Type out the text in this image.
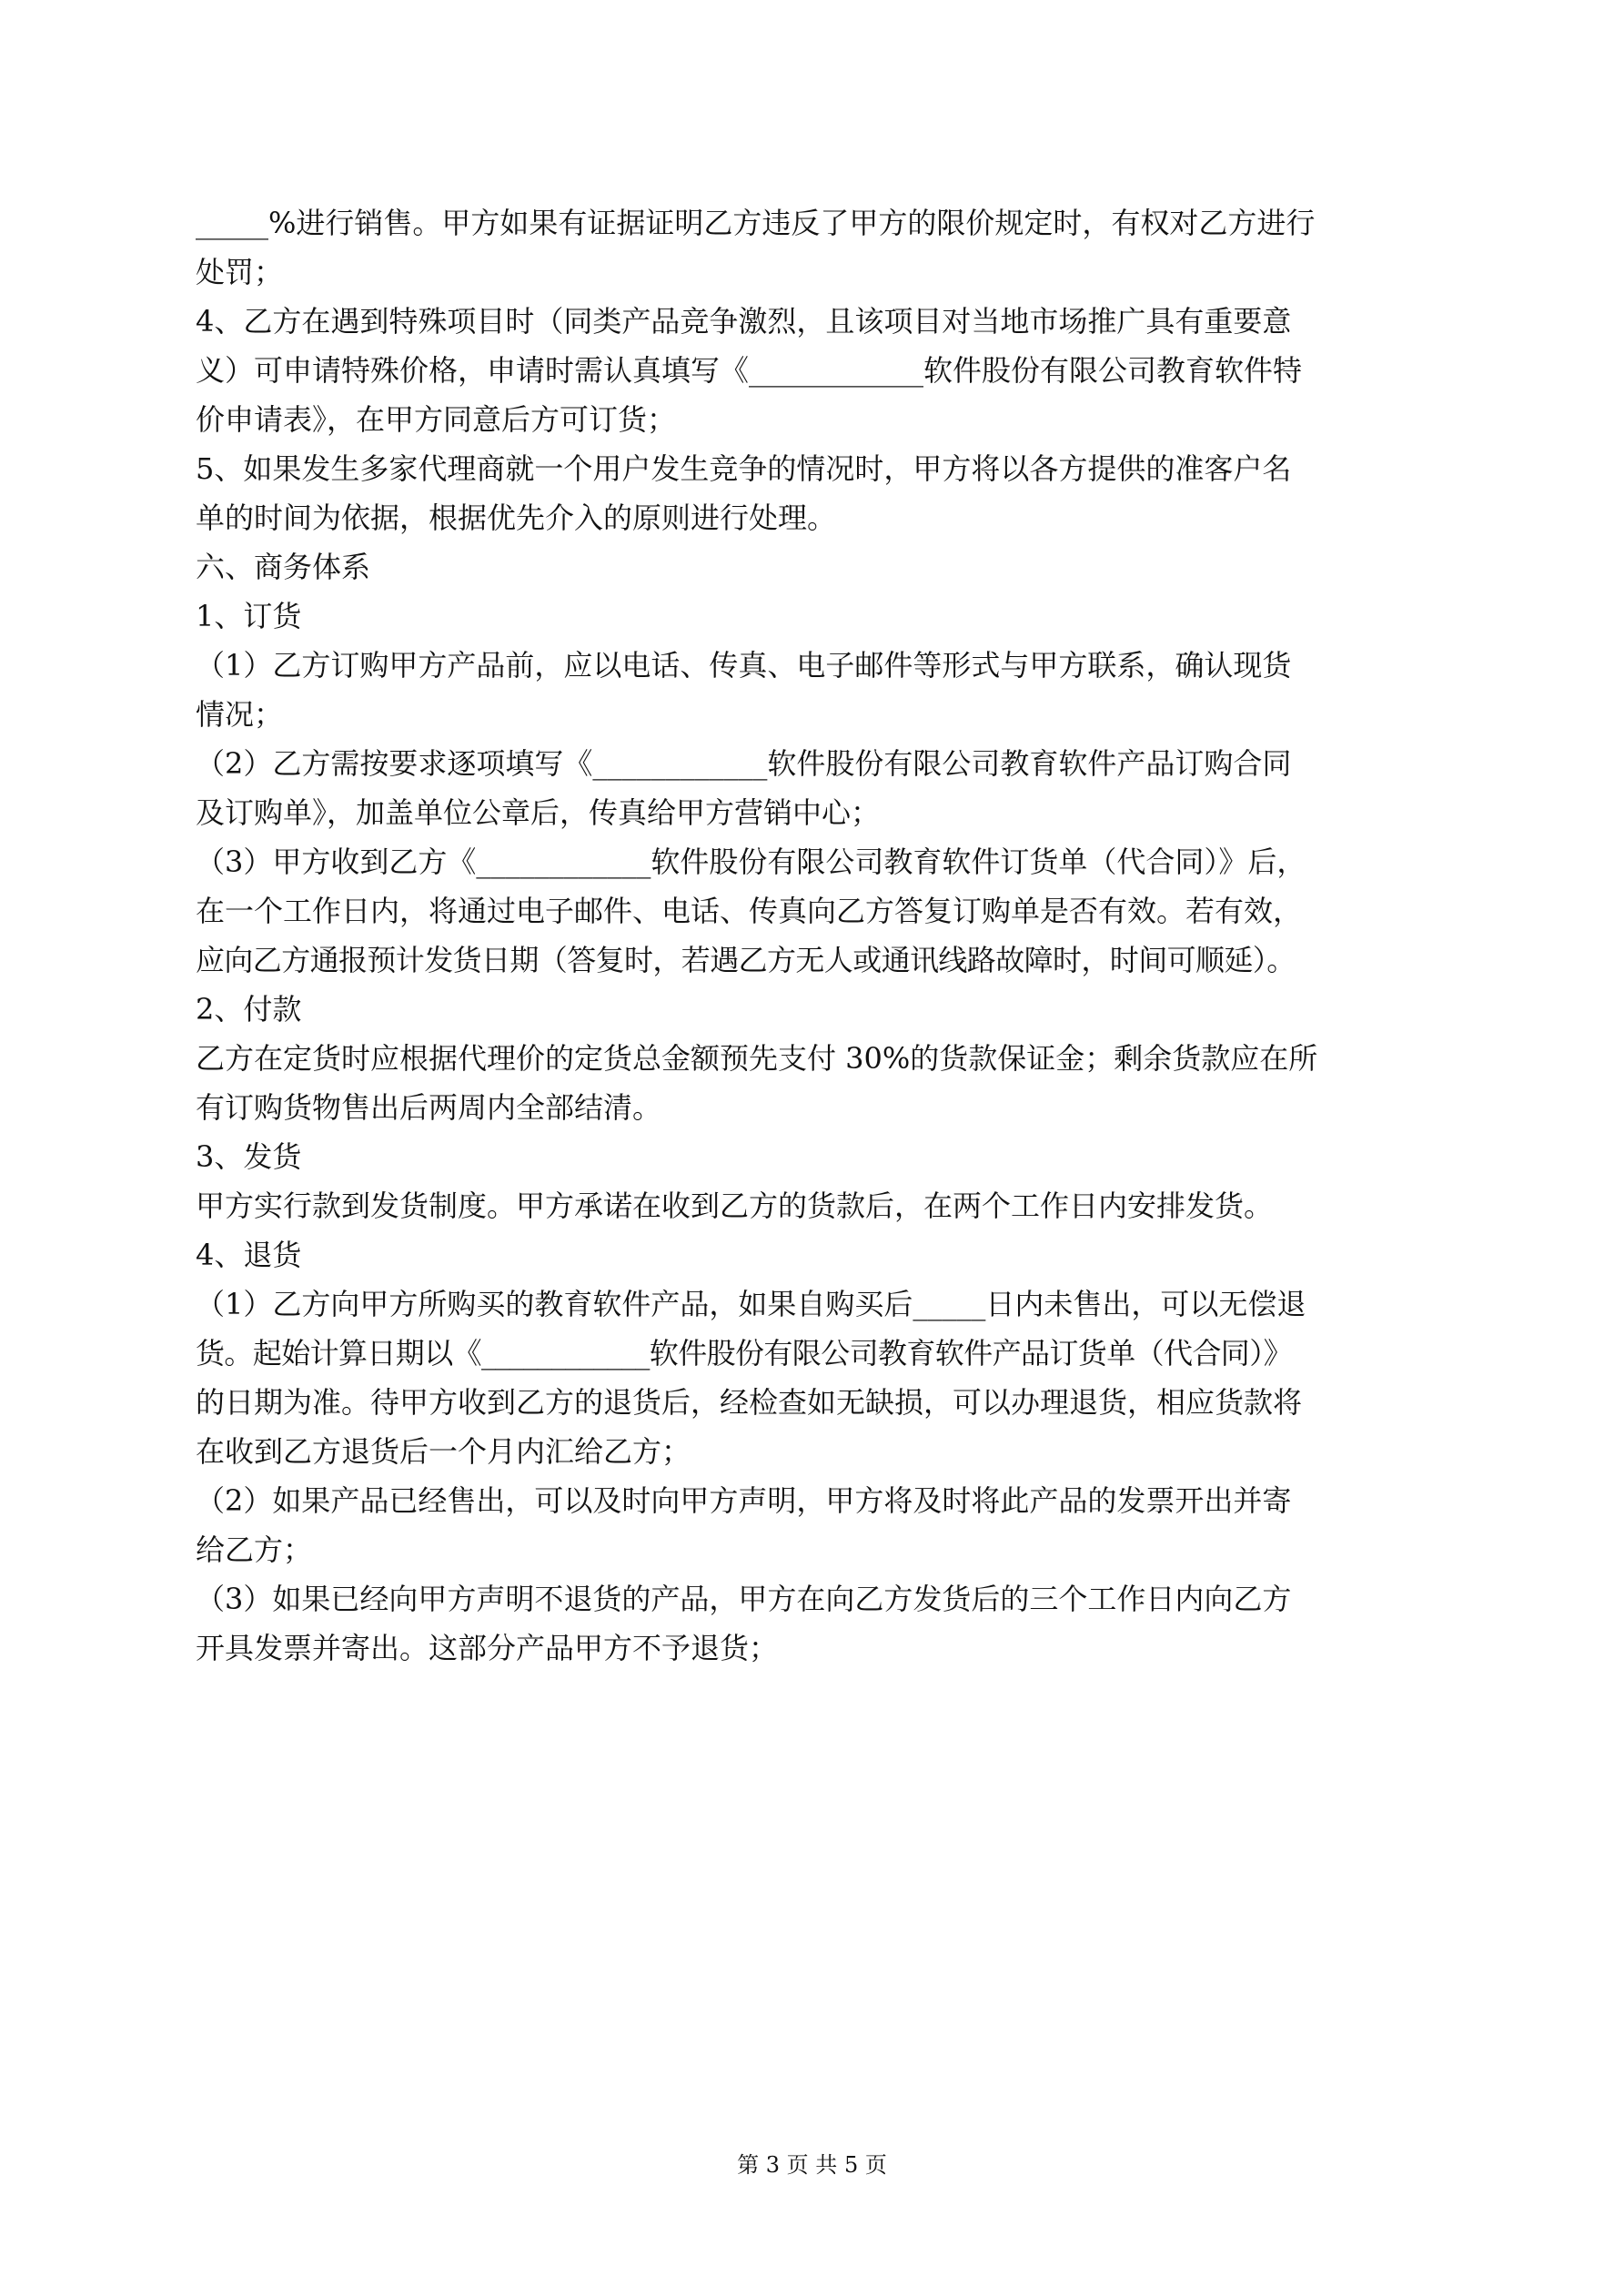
_____%进行销售。甲方如果有证据证明乙方违反了甲方的限价规定时，有权对乙方进行
处罚；
4、乙方在遇到特殊项目时（同类产品竞争激烈，且该项目对当地市场推广具有重要意
义）可申请特殊价格，申请时需认真填写《____________软件股份有限公司教育软件特
价申请表》，在甲方同意后方可订货；
5、如果发生多家代理商就一个用户发生竞争的情况时，甲方将以各方提供的准客户名
单的时间为依据，根据优先介入的原则进行处理。
六、商务体系
1、订货
（1）乙方订购甲方产品前，应以电话、传真、电子邮件等形式与甲方联系，确认现货
情况；
（2）乙方需按要求逐项填写《____________软件股份有限公司教育软件产品订购合同
及订购单》，加盖单位公章后，传真给甲方营销中心；
（3）甲方收到乙方《____________软件股份有限公司教育软件订货单（代合同）》后，
在一个工作日内，将通过电子邮件、电话、传真向乙方答复订购单是否有效。若有效，
应向乙方通报预计发货日期（答复时，若遇乙方无人或通讯线路故障时，时间可顺延）。
2、付款
乙方在定货时应根据代理价的定货总金额预先支付 30%的货款保证金；剩余货款应在所
有订购货物售出后两周内全部结清。
3、发货
甲方实行款到发货制度。甲方承诺在收到乙方的货款后，在两个工作日内安排发货。
4、退货
（1）乙方向甲方所购买的教育软件产品，如果自购买后_____日内未售出，可以无偿退
货。起始计算日期以《____________软件股份有限公司教育软件产品订货单（代合同）》
的日期为准。待甲方收到乙方的退货后，经检查如无缺损，可以办理退货，相应货款将
在收到乙方退货后一个月内汇给乙方；
（2）如果产品已经售出，可以及时向甲方声明，甲方将及时将此产品的发票开出并寄
给乙方；
（3）如果已经向甲方声明不退货的产品，甲方在向乙方发货后的三个工作日内向乙方
开具发票并寄出。这部分产品甲方不予退货；
第 3 页 共 5 页
